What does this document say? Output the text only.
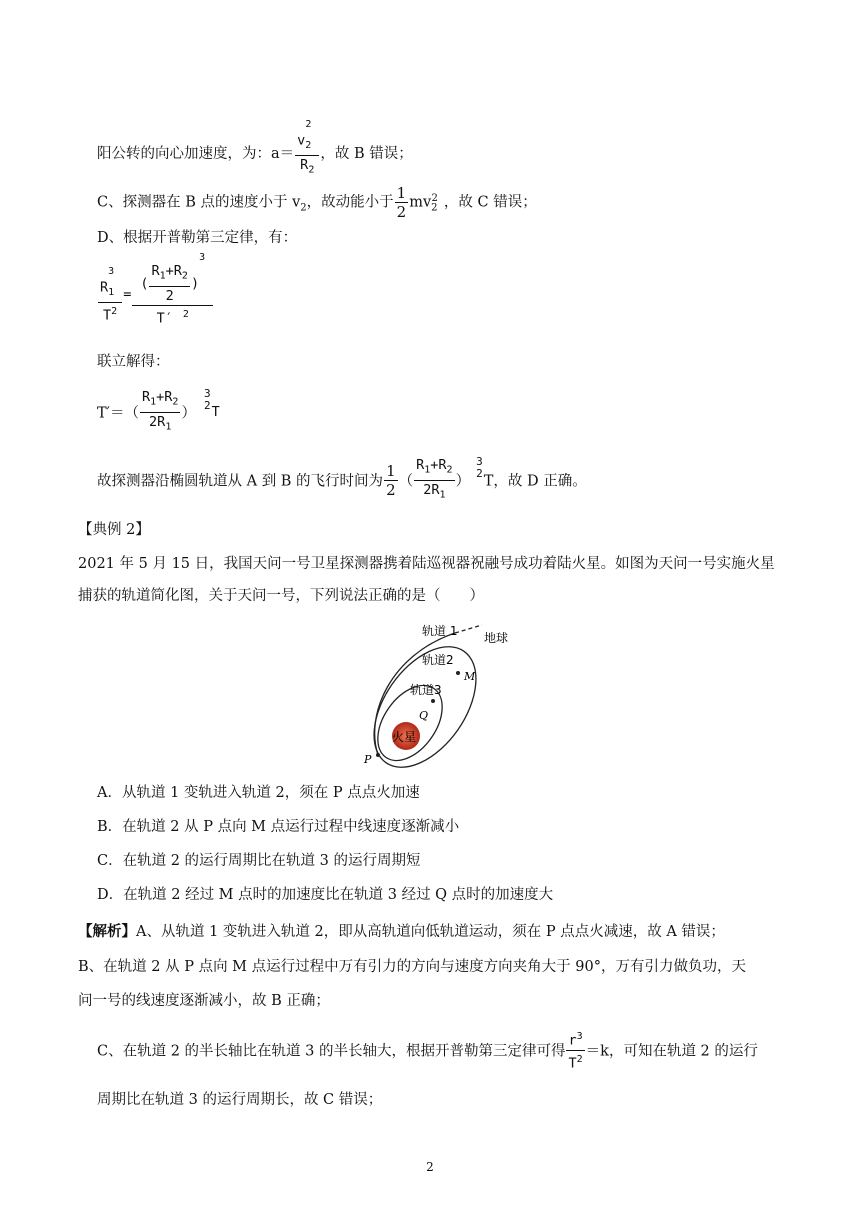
阳公转的向心加速度，为：$a= \frac{v_2^2}{R_2}$ ，故 B 错误；
C、探测器在 B 点的速度小于 $v_2$，故动能小于 $\frac{1}{2} mv_2^2$ ，故 C 错误；
D、根据开普勒第三定律，有：
$\frac{R_1^3}{T^2} = \frac{( \frac{R_1+R_2}{2} )^3}{T' ^2}$
联立解得：
$T'=( \frac{R_1+R_2}{2R_1}$ ）
3
2 T
故探测器沿椭圆轨道从 A 到 B 的飞行时间为 $\frac{1}{2}$ （ $\frac{R_1+R_2}{2R_1}$ ）
3
2
T，故 D 正确。
【典例 2】
2021 年 5 月 15 日，我国天问一号卫星探测器携着陆巡视器祝融号成功着陆火星。如图为天问一号实施火星
捕获的轨道简化图，关于天问一号，下列说法正确的是（　　）
轨道 1 地球
轨道2
M
轨道3
Q
火星
P
A．从轨道 1 变轨进入轨道 2，须在 P 点点火加速
B．在轨道 2 从 P 点向 M 点运行过程中线速度逐渐减小
C．在轨道 2 的运行周期比在轨道 3 的运行周期短
D．在轨道 2 经过 M 点时的加速度比在轨道 3 经过 Q 点时的加速度大
【解析】A、从轨道 1 变轨进入轨道 2，即从高轨道向低轨道运动，须在 P 点点火减速，故 A 错误；
B、在轨道 2 从 P 点向 M 点运行过程中万有引力的方向与速度方向夹角大于 90°，万有引力做负功，天
问一号的线速度逐渐减小，故 B 正确；
C、在轨道 2 的半长轴比在轨道 3 的半长轴大，根据开普勒第三定律可得 $\frac{r^3}{T^2} =k$，可知在轨道 2 的运行
周期比在轨道 3 的运行周期长，故 C 错误；
2
